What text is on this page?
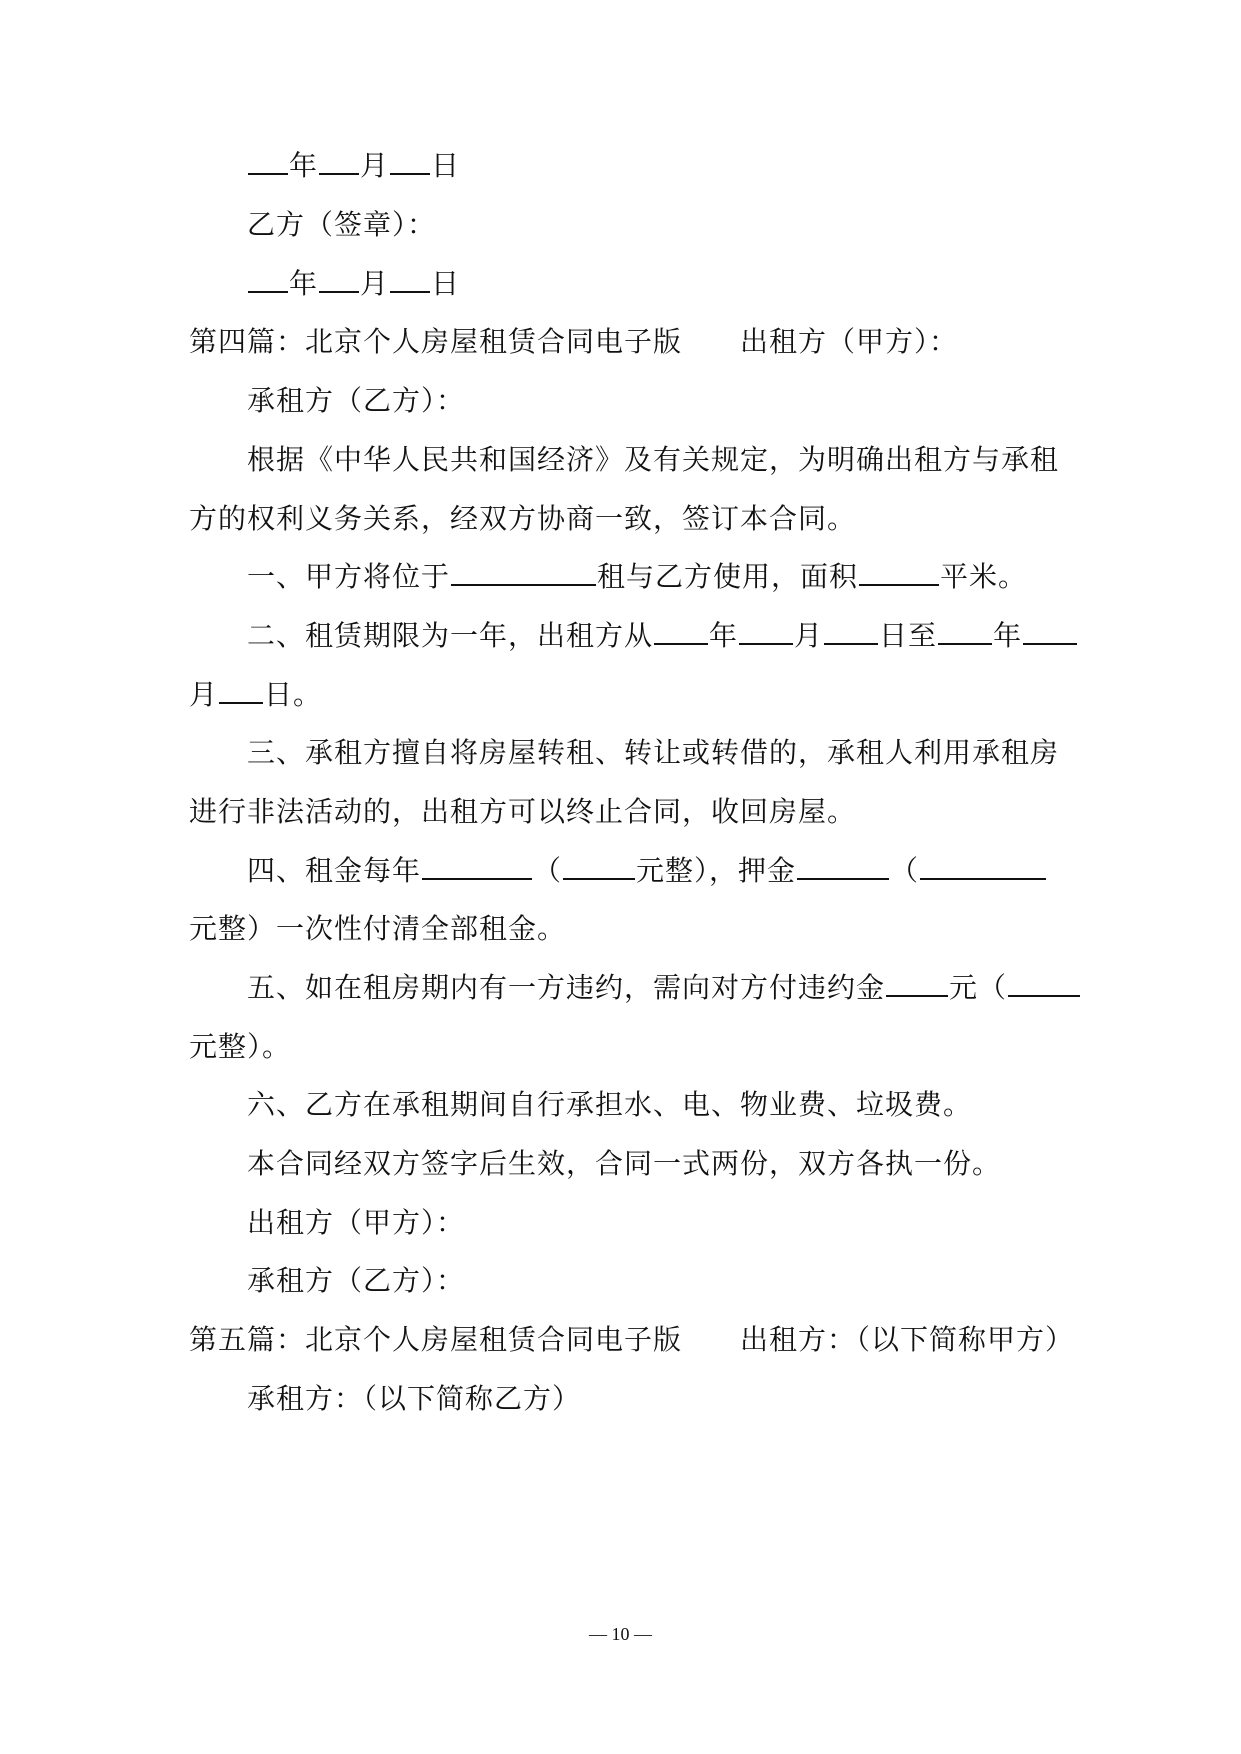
年 月 日
乙方（签章）：
年 月 日
第四篇：北京个人房屋租赁合同电子版 出租方（甲方）：
承租方（乙方）：
根据《中华人民共和国经济》及有关规定，为明确出租方与承租
方的权利义务关系，经双方协商一致，签订本合同。
一、甲方将位于	租与乙方使用，面积	平米。
二、租赁期限为一年，出租方从 年 月 日至 年
月 日。
三、承租方擅自将房屋转租、转让或转借的，承租人利用承租房
进行非法活动的，出租方可以终止合同，收回房屋。
四、租金每年	（	元整），押金	（
元整）一次性付清全部租金。
五、如在租房期内有一方违约，需向对方付违约金 元（
元整）。
六、乙方在承租期间自行承担水、电、物业费、垃圾费。
本合同经双方签字后生效，合同一式两份，双方各执一份。
出租方（甲方）：
承租方（乙方）：
第五篇：北京个人房屋租赁合同电子版 出租方：（以下简称甲方）
承租方：（以下简称乙方）
— 10 —
